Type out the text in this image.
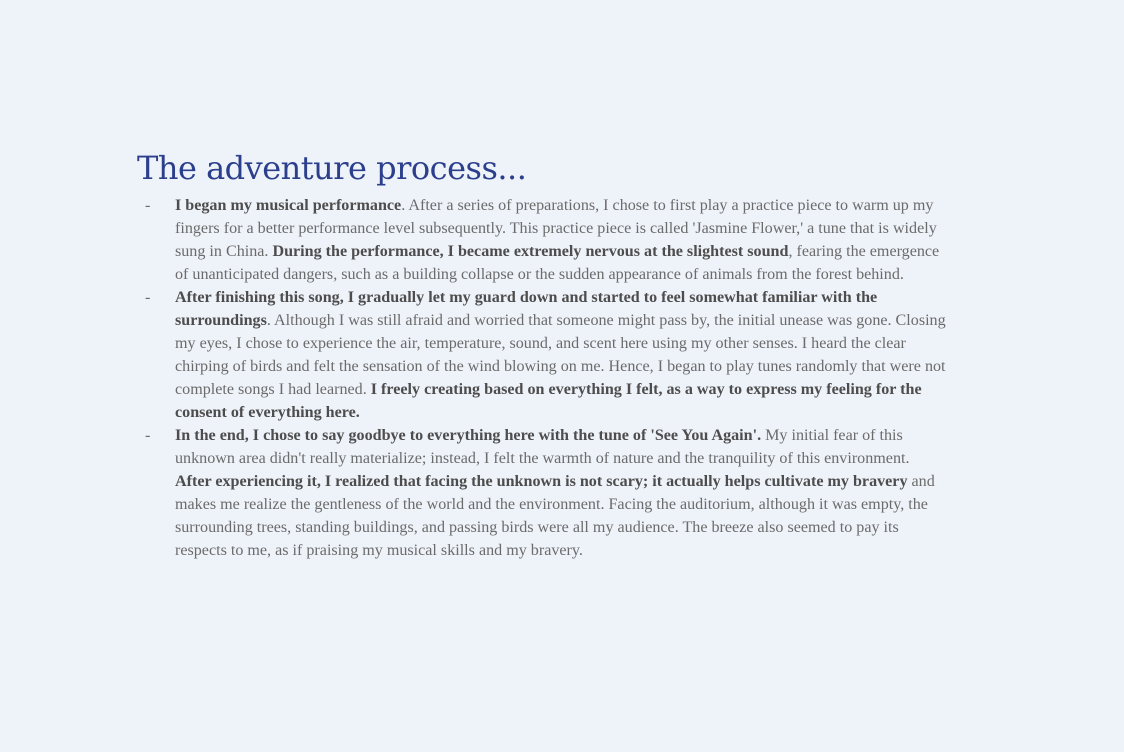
The adventure process...
- I began my musical performance. After a series of preparations, I chose to first play a practice piece to warm up my fingers for a better performance level subsequently. This practice piece is called 'Jasmine Flower,' a tune that is widely sung in China. During the performance, I became extremely nervous at the slightest sound, fearing the emergence of unanticipated dangers, such as a building collapse or the sudden appearance of animals from the forest behind.
- After finishing this song, I gradually let my guard down and started to feel somewhat familiar with the surroundings. Although I was still afraid and worried that someone might pass by, the initial unease was gone. Closing my eyes, I chose to experience the air, temperature, sound, and scent here using my other senses. I heard the clear chirping of birds and felt the sensation of the wind blowing on me. Hence, I began to play tunes randomly that were not complete songs I had learned. I freely creating based on everything I felt, as a way to express my feeling for the consent of everything here.
- In the end, I chose to say goodbye to everything here with the tune of 'See You Again'. My initial fear of this unknown area didn't really materialize; instead, I felt the warmth of nature and the tranquility of this environment. After experiencing it, I realized that facing the unknown is not scary; it actually helps cultivate my bravery and makes me realize the gentleness of the world and the environment. Facing the auditorium, although it was empty, the surrounding trees, standing buildings, and passing birds were all my audience. The breeze also seemed to pay its respects to me, as if praising my musical skills and my bravery.
